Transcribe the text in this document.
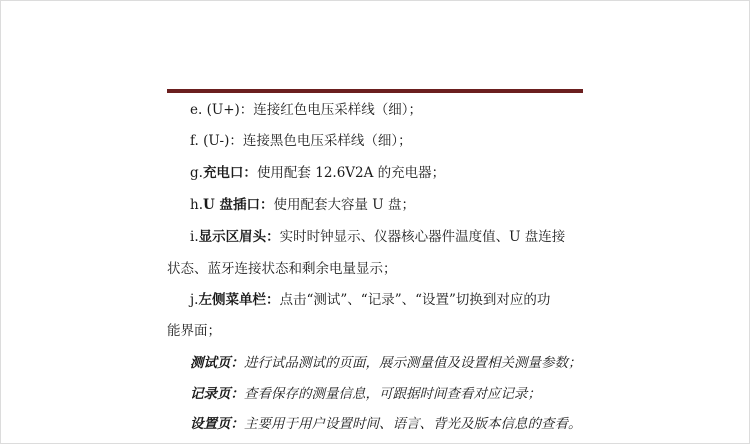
e. (U+)：连接红色电压采样线（细）；
f. (U-)：连接黑色电压采样线（细）；
g.充电口：使用配套 12.6V2A 的充电器；
h.U 盘插口：使用配套大容量 U 盘；
i.显示区眉头：实时时钟显示、仪器核心器件温度值、U 盘连接
状态、蓝牙连接状态和剩余电量显示；
j.左侧菜单栏：点击“测试”、“记录”、“设置”切换到对应的功
能界面；
测试页：进行试品测试的页面，展示测量值及设置相关测量参数；
记录页：查看保存的测量信息，可跟据时间查看对应记录；
设置页：主要用于用户设置时间、语言、背光及版本信息的查看。
